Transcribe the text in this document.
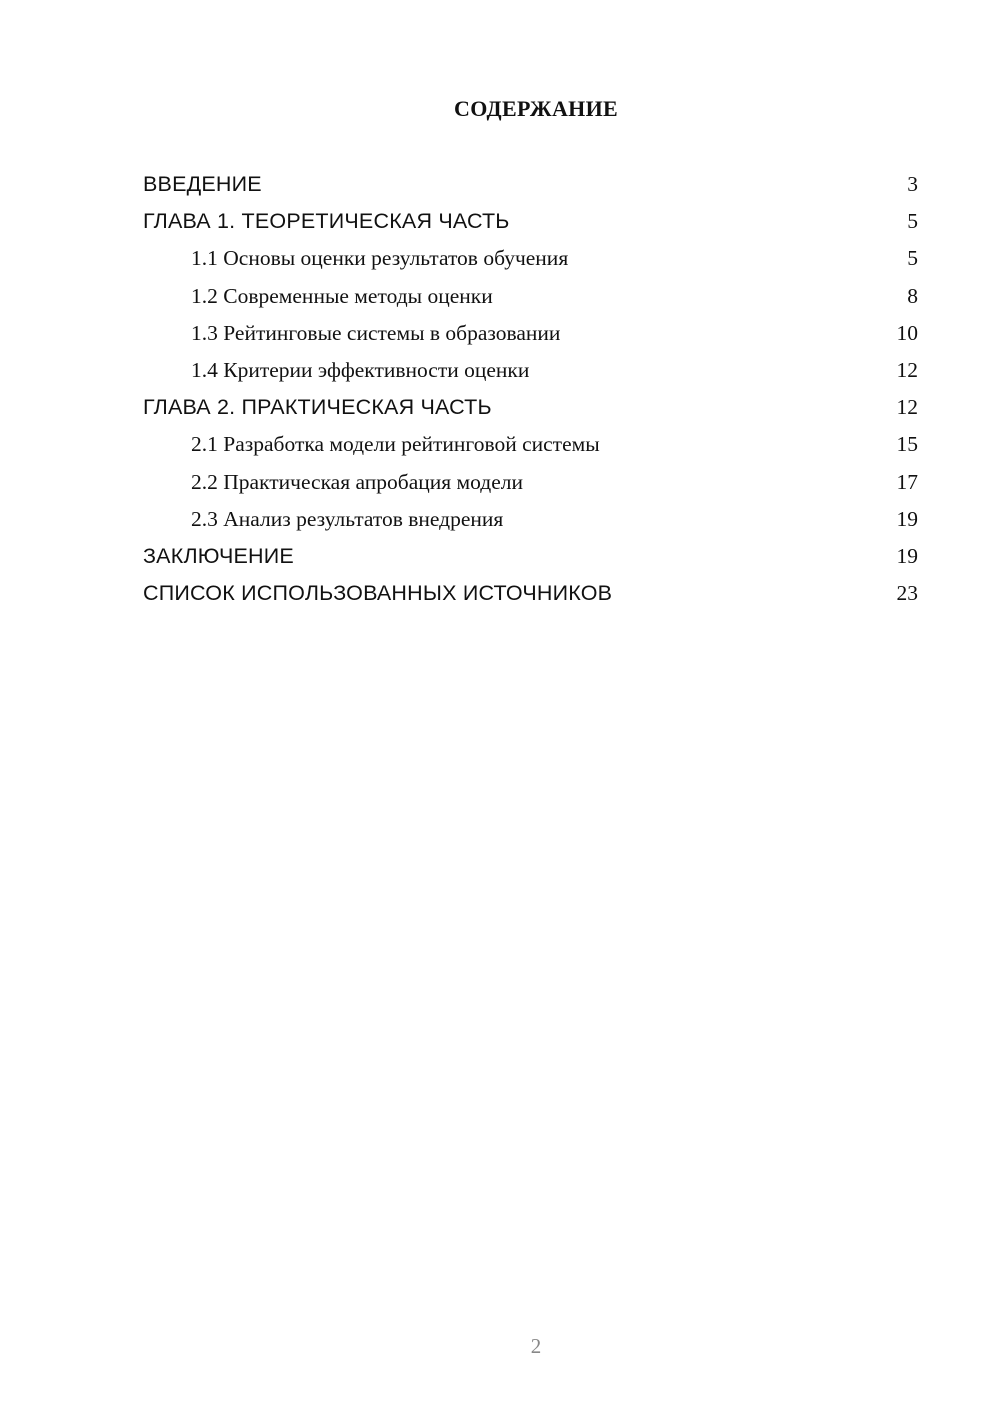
СОДЕРЖАНИЕ
ВВЕДЕНИЕ	3
ГЛАВА 1. ТЕОРЕТИЧЕСКАЯ ЧАСТЬ	5
1.1 Основы оценки результатов обучения	5
1.2 Современные методы оценки	8
1.3 Рейтинговые системы в образовании	10
1.4 Критерии эффективности оценки	12
ГЛАВА 2. ПРАКТИЧЕСКАЯ ЧАСТЬ	12
2.1 Разработка модели рейтинговой системы	15
2.2 Практическая апробация модели	17
2.3 Анализ результатов внедрения	19
ЗАКЛЮЧЕНИЕ	19
СПИСОК ИСПОЛЬЗОВАННЫХ ИСТОЧНИКОВ	23
2
